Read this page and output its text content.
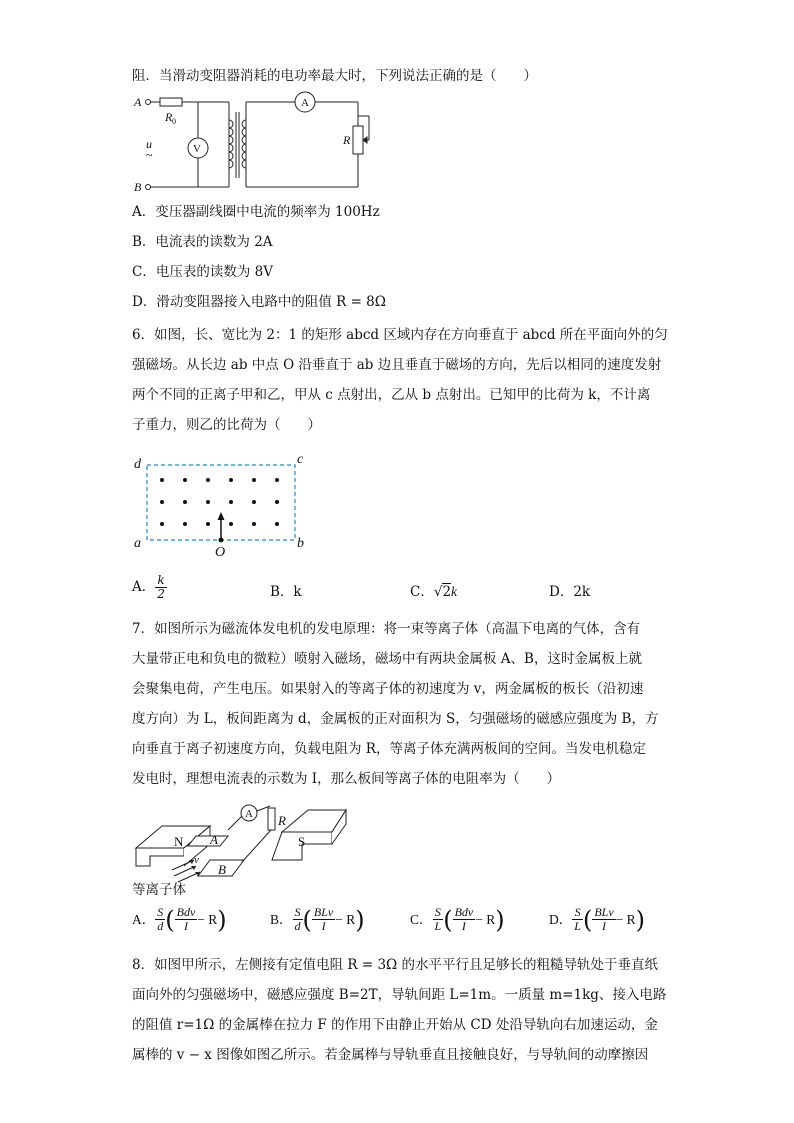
阻．当滑动变阻器消耗的电功率最大时，下列说法正确的是（　　）
A
B
R 0
u
~	V
A
R
A．变压器副线圈中电流的频率为 100Hz
B．电流表的读数为 2A
C．电压表的读数为 8V
D．滑动变阻器接入电路中的阻值 R = 8Ω
6．如图，长、宽比为 2：1 的矩形 abcd 区域内存在方向垂直于 abcd 所在平面向外的匀
强磁场。从长边 ab 中点 O 沿垂直于 ab 边且垂直于磁场的方向，先后以相同的速度发射
两个不同的正离子甲和乙，甲从 c 点射出，乙从 b 点射出。已知甲的比荷为 k，不计离
子重力，则乙的比荷为（　　）
d	c
a	b
O
A． $\frac{k}{2}$	B．k	C．√2k	D．2k
7．如图所示为磁流体发电机的发电原理：将一束等离子体（高温下电离的气体，含有
大量带正电和负电的微粒）喷射入磁场，磁场中有两块金属板 A、B，这时金属板上就
会聚集电荷，产生电压。如果射入的等离子体的初速度为 v，两金属板的板长（沿初速
度方向）为 L，板间距离为 d，金属板的正对面积为 S，匀强磁场的磁感应强度为 B，方
向垂直于离子初速度方向，负载电阻为 R，等离子体充满两板间的空间。当发电机稳定
发电时，理想电流表的示数为 I，那么板间等离子体的电阻率为（　　）
N	S
A
B
A R
v
等离子体
A． $\frac{S}{d}$ ( $\frac{\text{Bdv}}{I} - R$ )	B． $\frac{S}{d}$ ( $\frac{\text{BLv}}{I} - R$ )	C． $\frac{S}{L}$ ( $\frac{\text{Bdv}}{I} - R$ )	D． $\frac{S}{L}$ ( $\frac{\text{BLv}}{I} - R$ )
8．如图甲所示，左侧接有定值电阻 R = 3Ω 的水平平行且足够长的粗糙导轨处于垂直纸
面向外的匀强磁场中，磁感应强度 B=2T，导轨间距 L=1m。一质量 m=1kg、接入电路
的阻值 r=1Ω 的金属棒在拉力 F 的作用下由静止开始从 CD 处沿导轨向右加速运动，金
属棒的 v − x 图像如图乙所示。若金属棒与导轨垂直且接触良好，与导轨间的动摩擦因
